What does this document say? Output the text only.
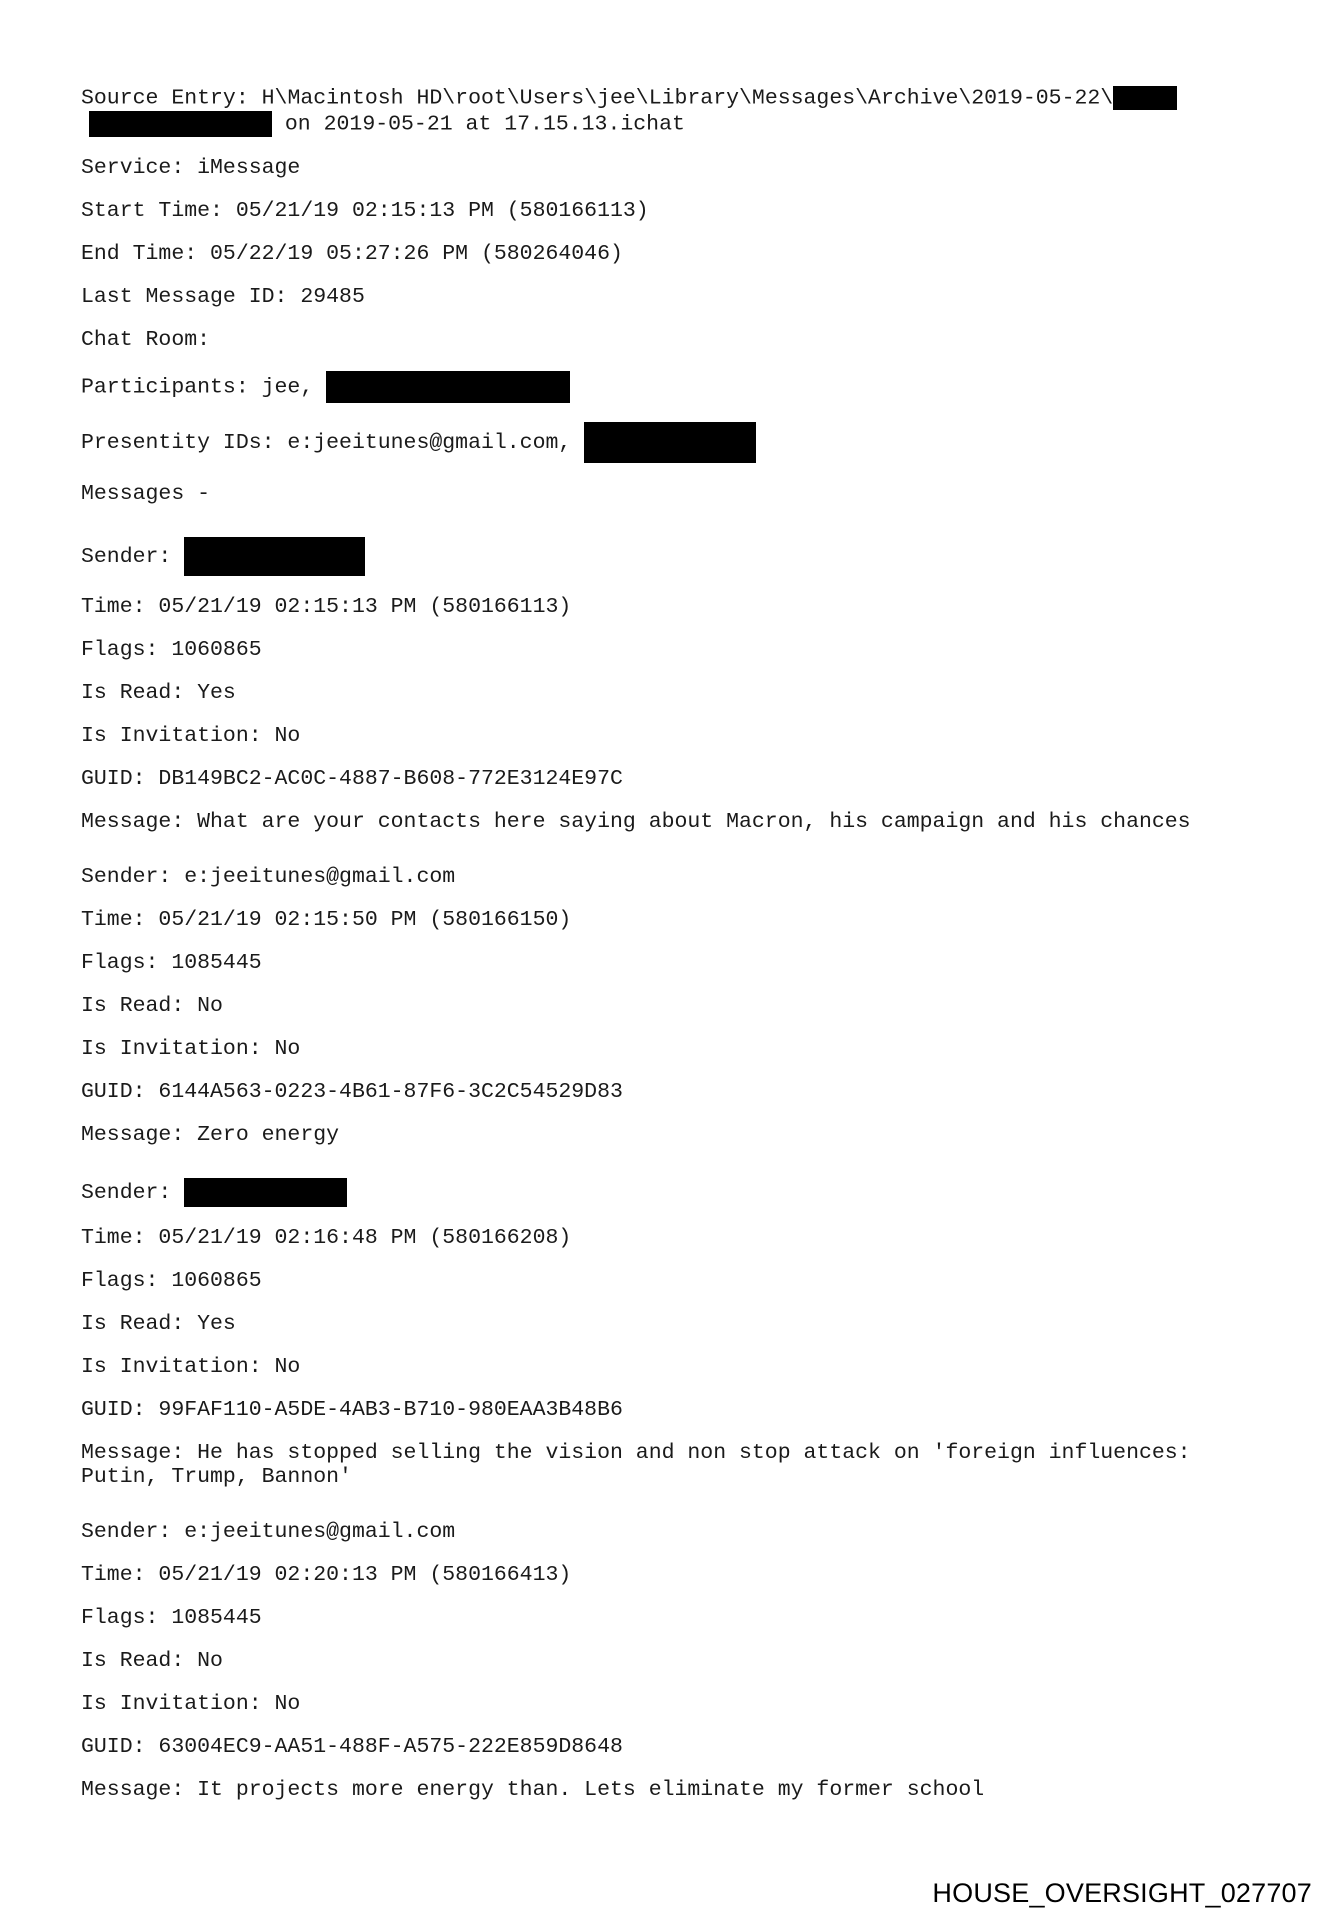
Source Entry: H\Macintosh HD\root\Users\jee\Library\Messages\Archive\2019-05-22\
on 2019-05-21 at 17.15.13.ichat
Service: iMessage
Start Time: 05/21/19 02:15:13 PM (580166113)
End Time: 05/22/19 05:27:26 PM (580264046)
Last Message ID: 29485
Chat Room:
Participants: jee,
Presentity IDs: e:jeeitunes@gmail.com,
Messages -
Sender:
Time: 05/21/19 02:15:13 PM (580166113)
Flags: 1060865
Is Read: Yes
Is Invitation: No
GUID: DB149BC2-AC0C-4887-B608-772E3124E97C
Message: What are your contacts here saying about Macron, his campaign and his chances
Sender: e:jeeitunes@gmail.com
Time: 05/21/19 02:15:50 PM (580166150)
Flags: 1085445
Is Read: No
Is Invitation: No
GUID: 6144A563-0223-4B61-87F6-3C2C54529D83
Message: Zero energy
Sender:
Time: 05/21/19 02:16:48 PM (580166208)
Flags: 1060865
Is Read: Yes
Is Invitation: No
GUID: 99FAF110-A5DE-4AB3-B710-980EAA3B48B6
Message: He has stopped selling the vision and non stop attack on 'foreign influences:
Putin, Trump, Bannon'
Sender: e:jeeitunes@gmail.com
Time: 05/21/19 02:20:13 PM (580166413)
Flags: 1085445
Is Read: No
Is Invitation: No
GUID: 63004EC9-AA51-488F-A575-222E859D8648
Message: It projects more energy than. Lets eliminate my former school
HOUSE_OVERSIGHT_027707
